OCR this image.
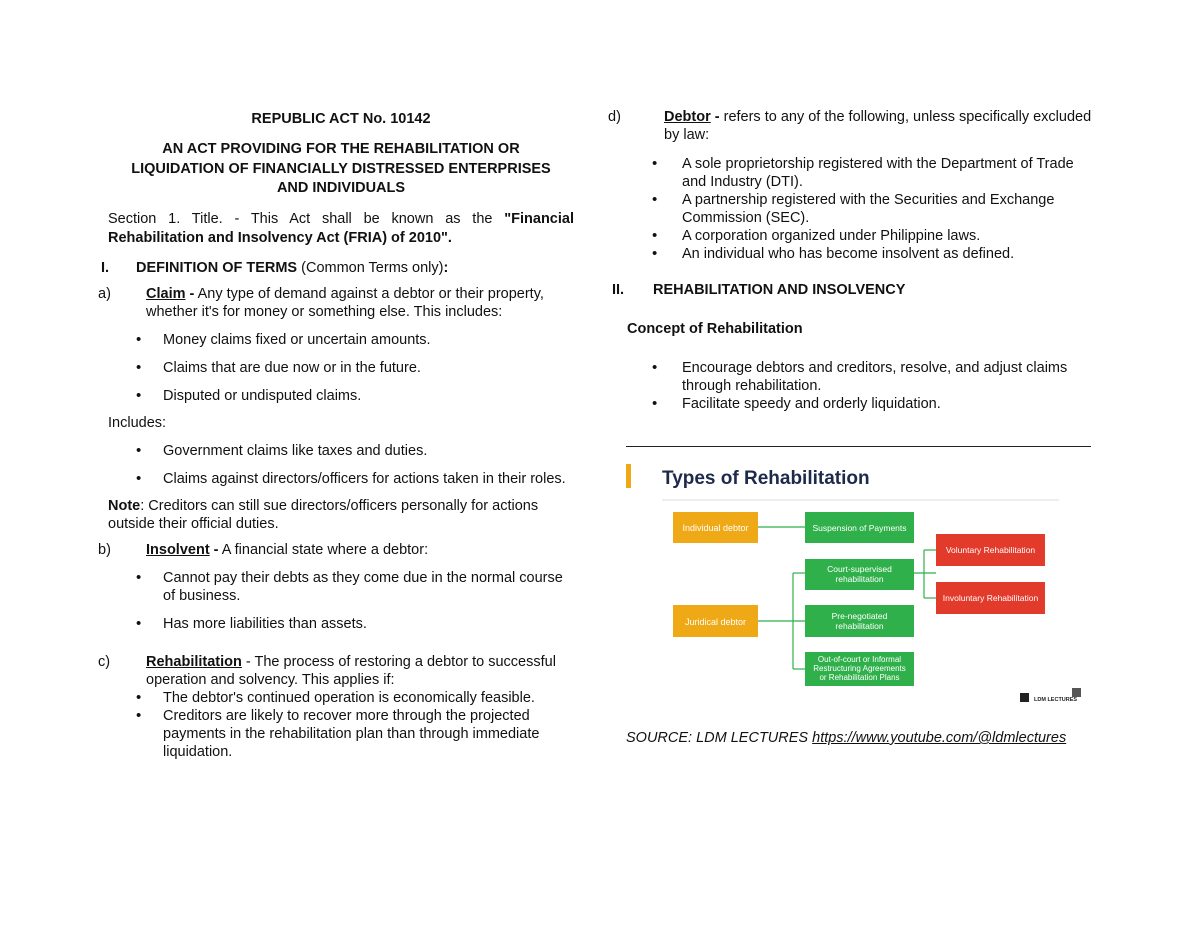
REPUBLIC ACT No. 10142

AN ACT PROVIDING FOR THE REHABILITATION OR
LIQUIDATION OF FINANCIALLY DISTRESSED ENTERPRISES
AND INDIVIDUALS

Section 1. Title. - This Act shall be known as the "Financial Rehabilitation and Insolvency Act (FRIA) of 2010".

I. DEFINITION OF TERMS (Common Terms only):

a) Claim - Any type of demand against a debtor or their property, whether it's for money or something else. This includes:

• Money claims fixed or uncertain amounts.
• Claims that are due now or in the future.
• Disputed or undisputed claims.

Includes:

• Government claims like taxes and duties.
• Claims against directors/officers for actions taken in their roles.

Note: Creditors can still sue directors/officers personally for actions outside their official duties.

b) Insolvent - A financial state where a debtor:

• Cannot pay their debts as they come due in the normal course of business.
• Has more liabilities than assets.

c) Rehabilitation - The process of restoring a debtor to successful operation and solvency. This applies if:

• The debtor's continued operation is economically feasible.
• Creditors are likely to recover more through the projected payments in the rehabilitation plan than through immediate liquidation.

d)	Debtor - refers to any of the following, unless specifically excluded by law:

• A sole proprietorship registered with the Department of Trade and Industry (DTI).
• A partnership registered with the Securities and Exchange Commission (SEC).
• A corporation organized under Philippine laws.
• An individual who has become insolvent as defined.

II. REHABILITATION AND INSOLVENCY

Concept of Rehabilitation

• Encourage debtors and creditors, resolve, and adjust claims through rehabilitation.
• Facilitate speedy and orderly liquidation.
Types of Rehabilitation
Individual debtor
Juridical debtor
Suspension of Payments
Court-supervised
rehabilitation
Pre-negotiated
rehabilitation
Out-of-court or Informal
Restructuring Agreements
or Rehabilitation Plans
Voluntary Rehabilitation
Involuntary Rehabilitation
LDM LECTURES

SOURCE: LDM LECTURES https://www.youtube.com/@ldmlectures
